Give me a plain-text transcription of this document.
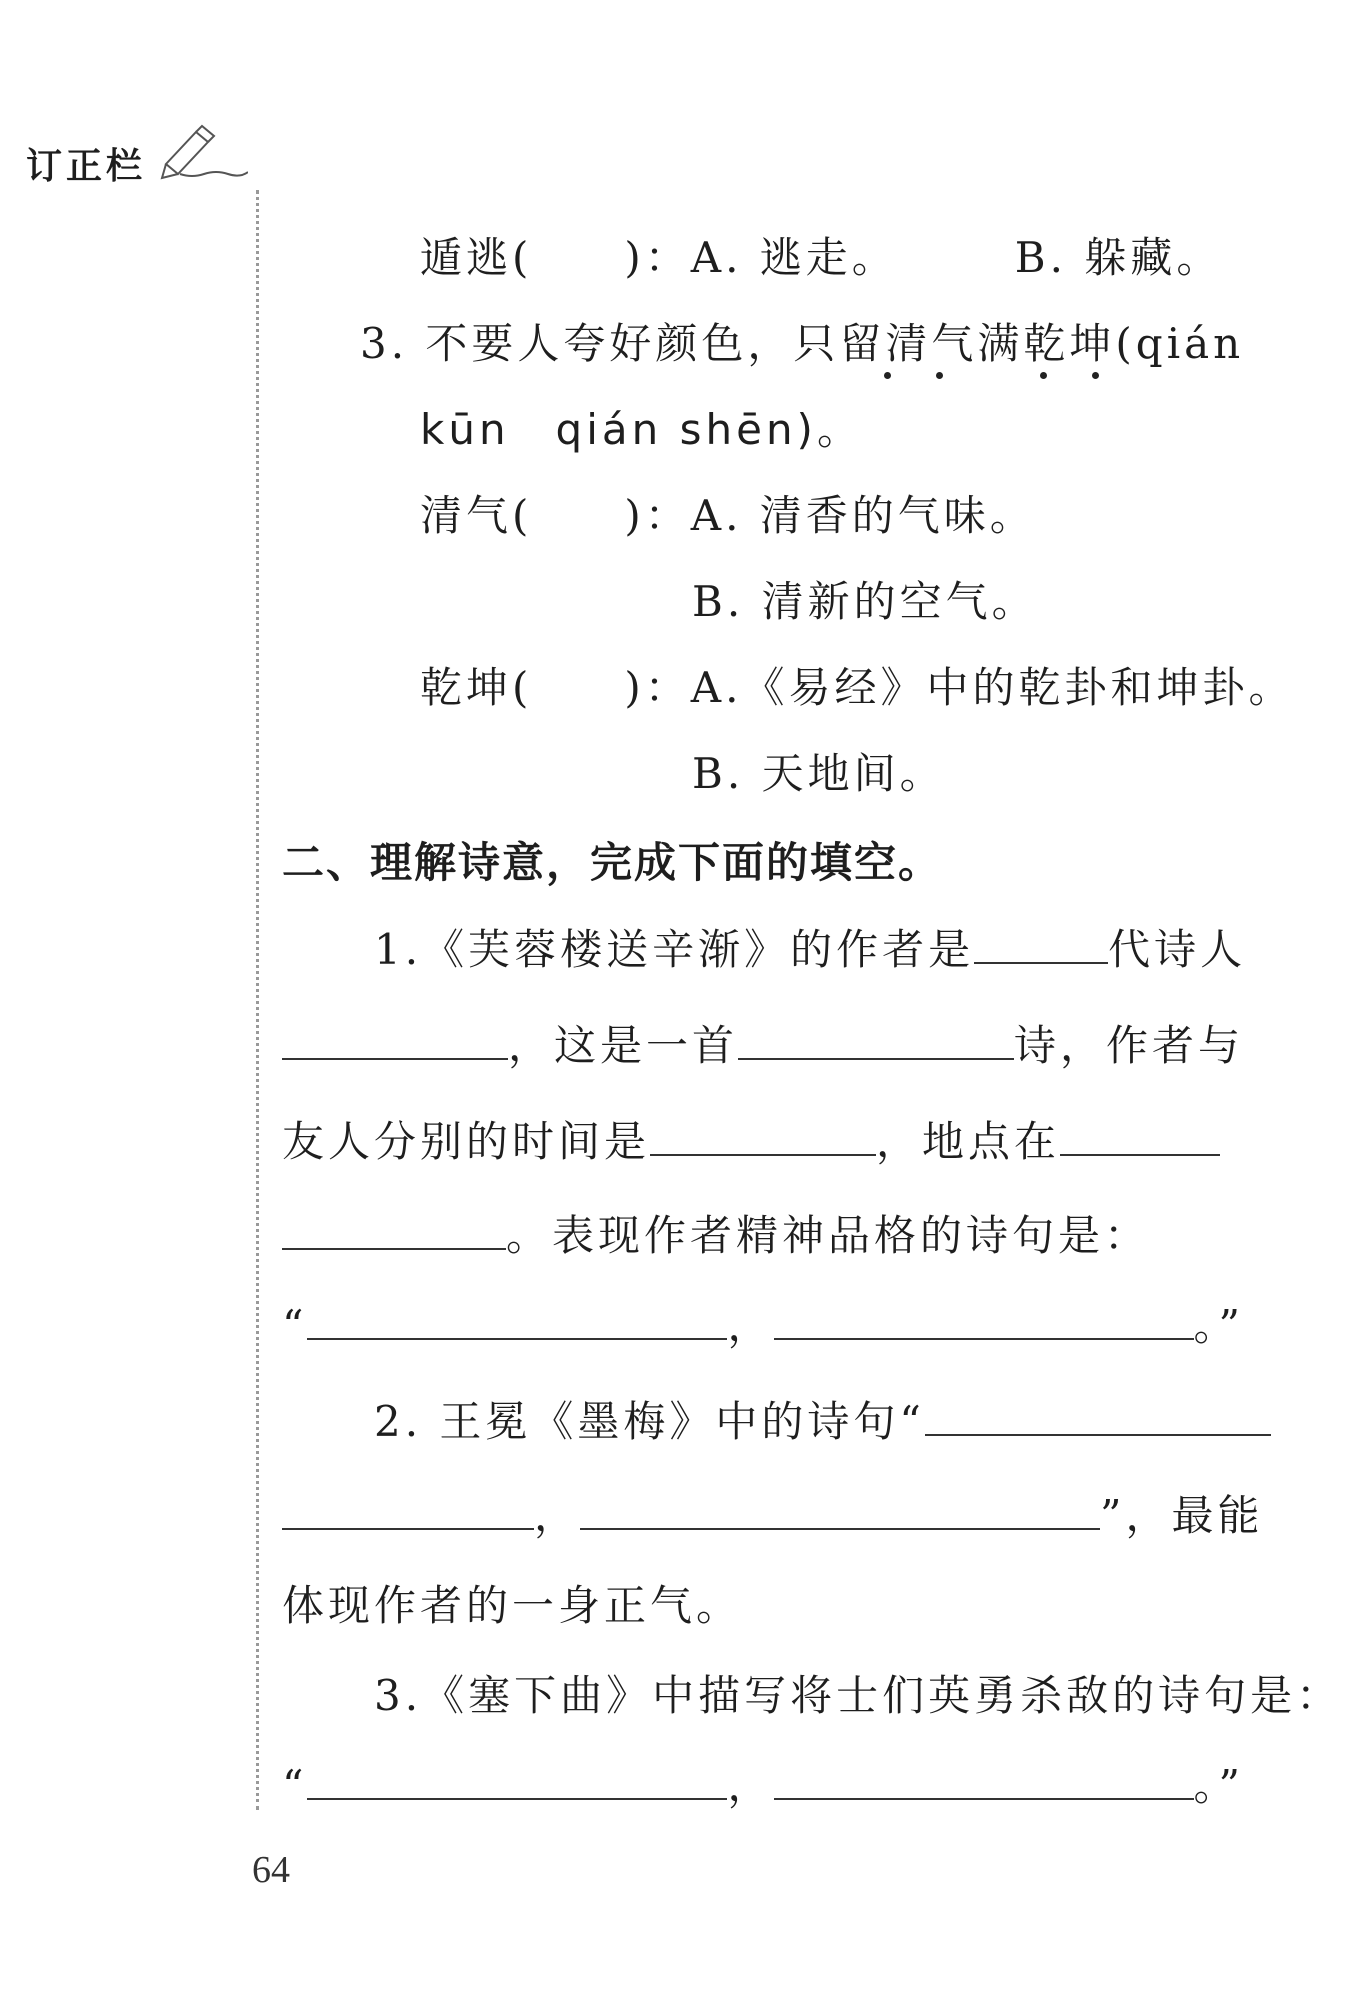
订正栏
遁逃(　　)：A. 逃走。　　　B. 躲藏。
3. 不要人夸好颜色，只留清气满乾坤(qián
kūn　qián shēn)。
清气(　　)：A. 清香的气味。
B. 清新的空气。
乾坤(　　)：A.《易经》中的乾卦和坤卦。
B. 天地间。
二、理解诗意，完成下面的填空。
1.《芙蓉楼送辛渐》的作者是	代诗人
，这是一首	诗，作者与
友人分别的时间是	，地点在
。表现作者精神品格的诗句是：
“	，	。”
2. 王冕《墨梅》中的诗句“
，	”，最能
体现作者的一身正气。
3.《塞下曲》中描写将士们英勇杀敌的诗句是：
“	，	。”
64
